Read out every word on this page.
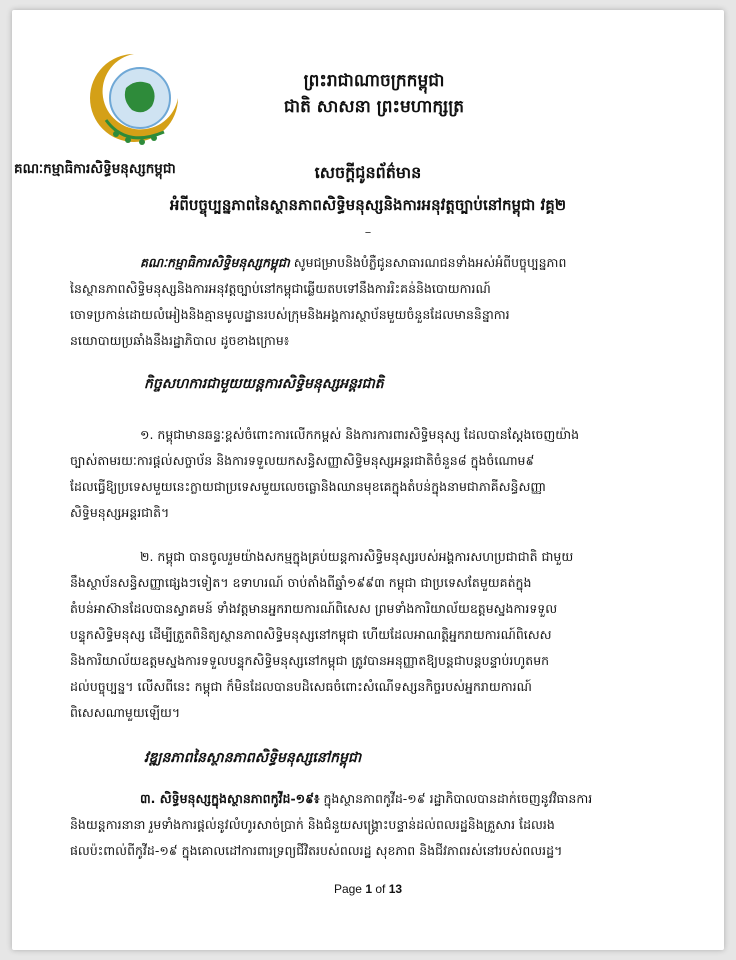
គណៈកម្មាធិការសិទ្ធិមនុស្សកម្ពុជា
ព្រះរាជាណាចក្រកម្ពុជា
ជាតិ សាសនា ព្រះមហាក្សត្រ
សេចក្ដីជូនព័ត៌មាន
អំពីបច្ចុប្បន្នភាពនៃស្ថានភាពសិទ្ធិមនុស្សនិងការអនុវត្តច្បាប់នៅកម្ពុជា វគ្គ២
–
គណៈកម្មាធិការសិទ្ធិមនុស្សកម្ពុជា សូមជម្រាបនិងបំភ្លឺជូនសាធារណជនទាំងអស់អំពីបច្ចុប្បន្នភាព
នៃស្ថានភាពសិទ្ធិមនុស្សនិងការអនុវត្តច្បាប់នៅកម្ពុជាឆ្លើយតបទៅនឹងការរិះគន់និងបោយការណ៍
ចោទប្រកាន់ដោយលំអៀងនិងគ្មានមូលដ្ឋានរបស់ក្រុមនិងអង្គការស្ថាប័នមួយចំនួនដែលមាននិន្នាការ
នយោបាយប្រឆាំងនឹងរដ្ឋាភិបាល ដូចខាងក្រោម៖
កិច្ចសហការជាមួយយន្តការសិទ្ធិមនុស្សអន្តរជាតិ
១. កម្ពុជាមានឆន្ទៈខ្ពស់ចំពោះការលើកកម្ពស់ និងការការពារសិទ្ធិមនុស្ស ដែលបានស្តែងចេញយ៉ាង
ច្បាស់តាមរយៈការផ្តល់សច្ចាប័ន និងការទទួលយកសន្ធិសញ្ញាសិទ្ធិមនុស្សអន្តរជាតិចំនួន៨ ក្នុងចំណោម៩
ដែលធ្វើឱ្យប្រទេសមួយនេះក្លាយជាប្រទេសមួយលេចធ្លោនិងឈានមុខគេក្នុងតំបន់ក្នុងនាមជាភាគីសន្ធិសញ្ញា
សិទ្ធិមនុស្សអន្តរជាតិ។
២. កម្ពុជា បានចូលរួមយ៉ាងសកម្មក្នុងគ្រប់យន្តការសិទ្ធិមនុស្សរបស់អង្គការសហប្រជាជាតិ ជាមួយ
នឹងស្ថាប័នសន្ធិសញ្ញាផ្សេងៗទៀត។ ឧទាហរណ៍ ចាប់តាំងពីឆ្នាំ១៩៩៣ កម្ពុជា ជាប្រទេសតែមួយគត់ក្នុង
តំបន់អាស៊ានដែលបានស្វាគមន៍ ទាំងវត្តមានអ្នករាយការណ៍ពិសេស ព្រមទាំងការិយាល័យឧត្តមស្នងការទទួល
បន្ទុកសិទ្ធិមនុស្ស ដើម្បីត្រួតពិនិត្យស្ថានភាពសិទ្ធិមនុស្សនៅកម្ពុជា ហើយដែលអាណត្តិអ្នករាយការណ៍ពិសេស
និងការិយាល័យឧត្តមស្នងការទទួលបន្ទុកសិទ្ធិមនុស្សនៅកម្ពុជា ត្រូវបានអនុញ្ញាតឱ្យបន្តជាបន្តបន្ទាប់រហូតមក
ដល់បច្ចុប្បន្ន។ លើសពីនេះ កម្ពុជា ក៏មិនដែលបានបដិសេធចំពោះសំណើទស្សនកិច្ចរបស់អ្នករាយការណ៍
ពិសេសណាមួយឡើយ។
វឌ្ឍនភាពនៃស្ថានភាពសិទ្ធិមនុស្សនៅកម្ពុជា
៣. សិទ្ធិមនុស្សក្នុងស្ថានភាពកូវីដ-១៩៖ ក្នុងស្ថានភាពកូវីដ-១៩ រដ្ឋាភិបាលបានដាក់ចេញនូវវិធានការ
និងយន្តការនានា រួមទាំងការផ្តល់នូវលំហូរសាច់ប្រាក់ និងជំនួយសង្គ្រោះបន្ទាន់ដល់ពលរដ្ឋនិងគ្រួសារ ដែលរង
ផលប៉ះពាល់ពីកូវីដ-១៩ ក្នុងគោលដៅការពារទ្រព្យជីវិតរបស់ពលរដ្ឋ សុខភាព និងជីវភាពរស់នៅរបស់ពលរដ្ឋ។
Page 1 of 13
